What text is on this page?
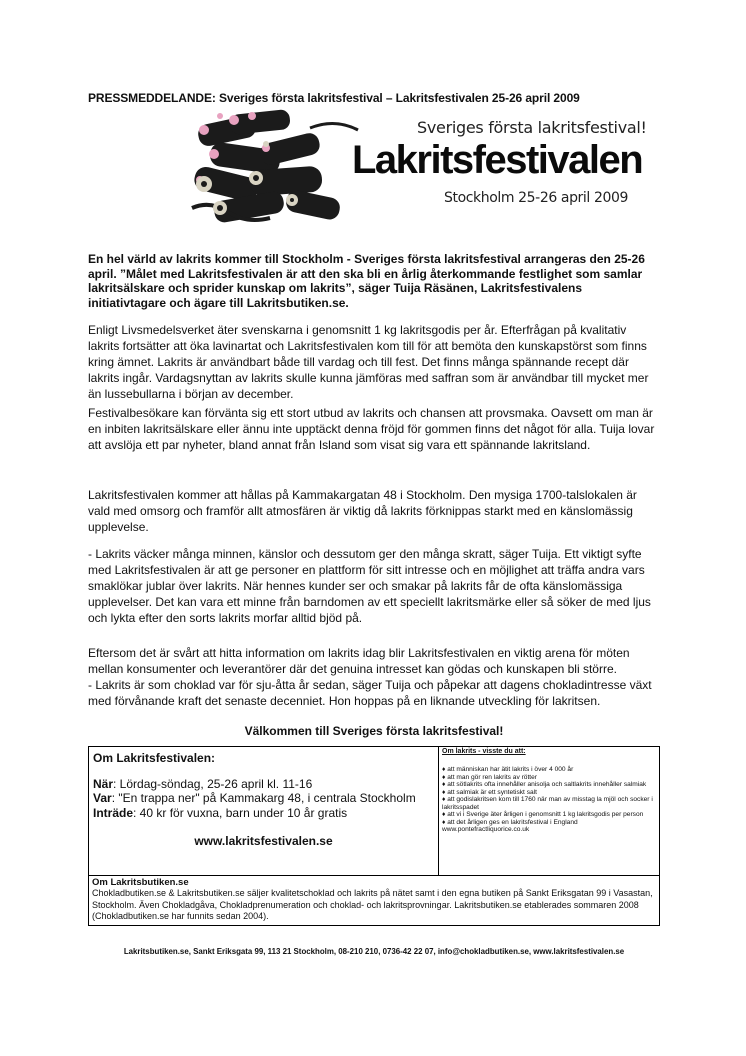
PRESSMEDDELANDE: Sveriges första lakritsfestival – Lakritsfestivalen 25-26 april 2009
Sveriges första lakritsfestival!
Lakritsfestivalen
Stockholm 25-26 april 2009
En hel värld av lakrits kommer till Stockholm - Sveriges första lakritsfestival arrangeras den 25-26 april. ”Målet med Lakritsfestivalen är att den ska bli en årlig återkommande festlighet som samlar lakritsälskare och sprider kunskap om lakrits”, säger Tuija Räsänen, Lakritsfestivalens initiativtagare och ägare till Lakritsbutiken.se.
Enligt Livsmedelsverket äter svenskarna i genomsnitt 1 kg lakritsgodis per år. Efterfrågan på kvalitativ lakrits fortsätter att öka lavinartat och Lakritsfestivalen kom till för att bemöta den kunskapstörst som finns kring ämnet. Lakrits är användbart både till vardag och till fest. Det finns många spännande recept där lakrits ingår. Vardagsnyttan av lakrits skulle kunna jämföras med saffran som är användbar till mycket mer än lussebullarna i början av december.
Festivalbesökare kan förvänta sig ett stort utbud av lakrits och chansen att provsmaka. Oavsett om man är en inbiten lakritsälskare eller ännu inte upptäckt denna fröjd för gommen finns det något för alla. Tuija lovar att avslöja ett par nyheter, bland annat från Island som visat sig vara ett spännande lakritsland.
Lakritsfestivalen kommer att hållas på Kammakargatan 48 i Stockholm. Den mysiga 1700-talslokalen är vald med omsorg och framför allt atmosfären är viktig då lakrits förknippas starkt med en känslomässig upplevelse.
- Lakrits väcker många minnen, känslor och dessutom ger den många skratt, säger Tuija. Ett viktigt syfte med Lakritsfestivalen är att ge personer en plattform för sitt intresse och en möjlighet att träffa andra vars smaklökar jublar över lakrits. När hennes kunder ser och smakar på lakrits får de ofta känslomässiga upplevelser. Det kan vara ett minne från barndomen av ett speciellt lakritsmärke eller så söker de med ljus och lykta efter den sorts lakrits morfar alltid bjöd på.
Eftersom det är svårt att hitta information om lakrits idag blir Lakritsfestivalen en viktig arena för möten mellan konsumenter och leverantörer där det genuina intresset kan gödas och kunskapen bli större.
- Lakrits är som choklad var för sju-åtta år sedan, säger Tuija och påpekar att dagens chokladintresse växt med förvånande kraft det senaste decenniet. Hon hoppas på en liknande utveckling för lakritsen.
Välkommen till Sveriges första lakritsfestival!
Om Lakritsfestivalen:
När: Lördag-söndag, 25-26 april kl. 11-16
Var: "En trappa ner" på Kammakarg 48, i centrala Stockholm
Inträde: 40 kr för vuxna, barn under 10 år gratis
www.lakritsfestivalen.se

Om lakrits - visste du att:
♦ att människan har ätit lakrits i över 4 000 år
♦ att man gör ren lakrits av rötter
♦ att sötlakrits ofta innehåller anisolja och saltlakrits innehåller salmiak
♦ att salmiak är ett syntetiskt salt
♦ att godislakritsen kom till 1760 när man av misstag la mjöl och socker i lakritsspadet
♦ att vi i Sverige äter årligen i genomsnitt 1 kg lakritsgodis per person
♦ att det årligen ges en lakritsfestival i England www.pontefractliquorice.co.uk

Om Lakritsbutiken.se
Chokladbutiken.se & Lakritsbutiken.se säljer kvalitetschoklad och lakrits på nätet samt i den egna butiken på Sankt Eriksgatan 99 i Vasastan, Stockholm. Även Chokladgåva, Chokladprenumeration och choklad- och lakritsprovningar. Lakritsbutiken.se etablerades sommaren 2008 (Chokladbutiken.se har funnits sedan 2004).
Lakritsbutiken.se, Sankt Eriksgata 99, 113 21 Stockholm, 08-210 210, 0736-42 22 07, info@chokladbutiken.se, www.lakritsfestivalen.se
